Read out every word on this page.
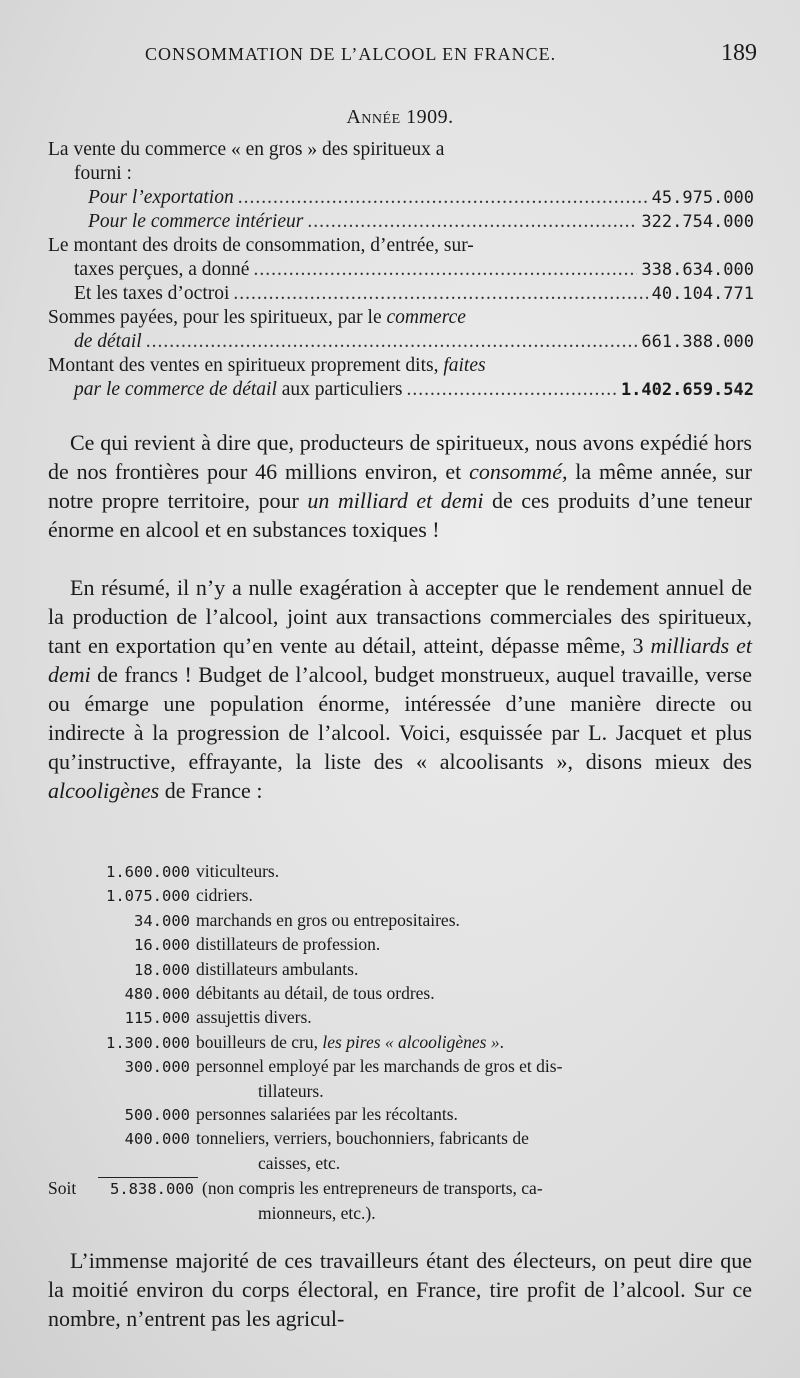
CONSOMMATION DE L’ALCOOL EN FRANCE.	189
Année 1909.
La vente du commerce « en gros » des spiritueux a
fourni :
Pour l’exportation .....	45.975.000
Pour le commerce intérieur .....	322.754.000
Le montant des droits de consommation, d’entrée, sur-
taxes perçues, a donné .....	338.634.000
Et les taxes d’octroi .....	40.104.771
Sommes payées, pour les spiritueux, par le commerce
de détail .....	661.388.000
Montant des ventes en spiritueux proprement dits, faites
par le commerce de détail aux particuliers .....	1.402.659.542

Ce qui revient à dire que, producteurs de spiritueux, nous avons expédié hors de nos frontières pour 46 millions environ, et consommé, la même année, sur notre propre territoire, pour un milliard et demi de ces produits d’une teneur énorme en alcool et en substances toxiques !

En résumé, il n’y a nulle exagération à accepter que le rendement annuel de la production de l’alcool, joint aux transactions commerciales des spiritueux, tant en exportation qu’en vente au détail, atteint, dépasse même, 3 milliards et demi de francs ! Budget de l’alcool, budget monstrueux, auquel travaille, verse ou émarge une population énorme, intéressée d’une manière directe ou indirecte à la progression de l’alcool. Voici, esquissée par L. Jacquet et plus qu’instructive, effrayante, la liste des « alcoolisants », disons mieux des alcooligènes de France :

1.600.000 viticulteurs.
1.075.000 cidriers.
34.000 marchands en gros ou entrepositaires.
16.000 distillateurs de profession.
18.000 distillateurs ambulants.
480.000 débitants au détail, de tous ordres.
115.000 assujettis divers.
1.300.000 bouilleurs de cru, les pires « alcooligènes ».
300.000 personnel employé par les marchands de gros et dis-
tillateurs.
500.000 personnes salariées par les récoltants.
400.000 tonneliers, verriers, bouchonniers, fabricants de
caisses, etc.
Soit	5.838.000 (non compris les entrepreneurs de transports, ca-
mionneurs, etc.).

L’immense majorité de ces travailleurs étant des électeurs, on peut dire que la moitié environ du corps électoral, en France, tire profit de l’alcool. Sur ce nombre, n’entrent pas les agricul-
